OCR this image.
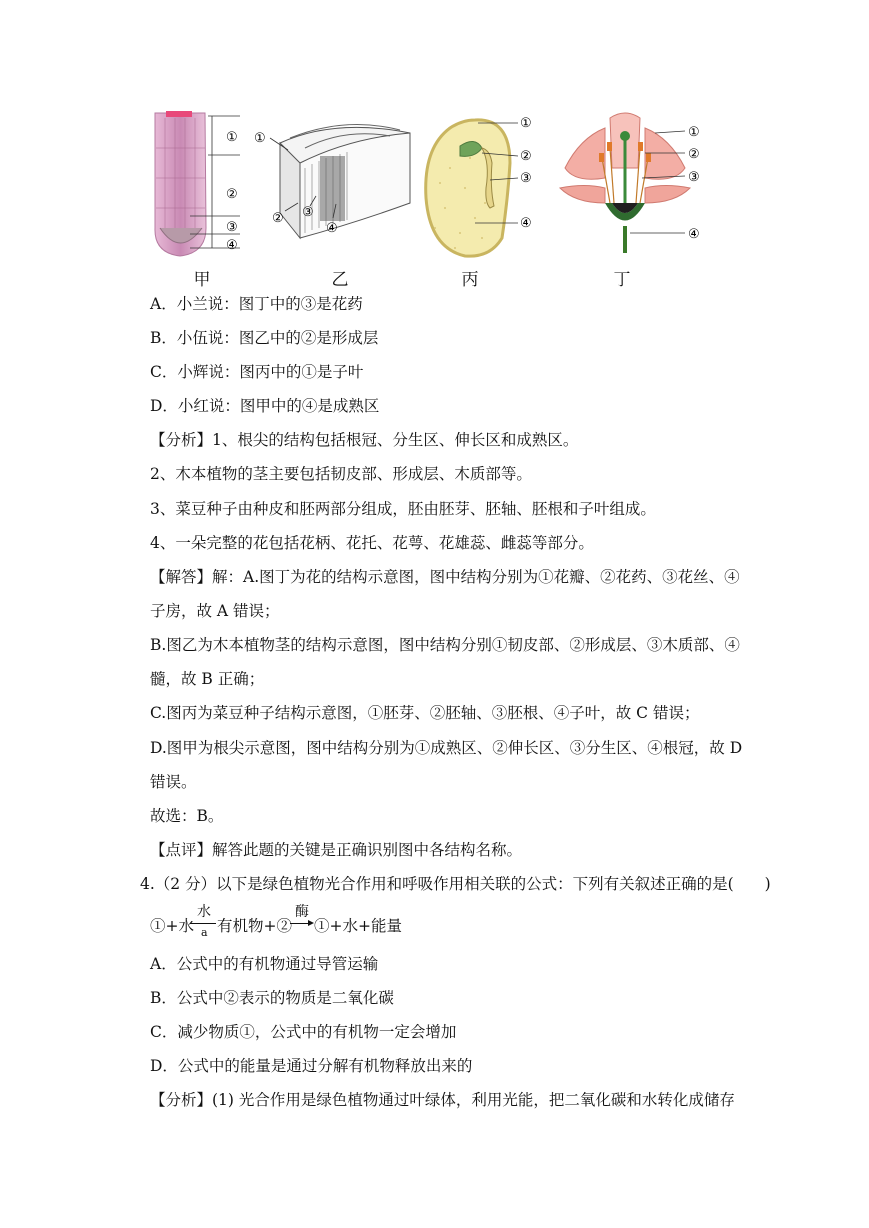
①
②
③
④
甲
①
② ③
④
乙
①
②
③
④
丙
①
②
③
④
丁
A．小兰说：图丁中的③是花药
B．小伍说：图乙中的②是形成层
C．小辉说：图丙中的①是子叶
D．小红说：图甲中的④是成熟区
【分析】1、根尖的结构包括根冠、分生区、伸长区和成熟区。
2、木本植物的茎主要包括韧皮部、形成层、木质部等。
3、菜豆种子由种皮和胚两部分组成，胚由胚芽、胚轴、胚根和子叶组成。
4、一朵完整的花包括花柄、花托、花萼、花雄蕊、雌蕊等部分。
【解答】解：A.图丁为花的结构示意图，图中结构分别为①花瓣、②花药、③花丝、④
子房，故 A 错误；
B.图乙为木本植物茎的结构示意图，图中结构分别①韧皮部、②形成层、③木质部、④
髓，故 B 正确；
C.图丙为菜豆种子结构示意图，①胚芽、②胚轴、③胚根、④子叶，故 C 错误；
D.图甲为根尖示意图，图中结构分别为①成熟区、②伸长区、③分生区、④根冠，故 D
错误。
故选：B。
【点评】解答此题的关键是正确识别图中各结构名称。
4.（2 分）以下是绿色植物光合作用和呼吸作用相关联的公式：下列有关叙述正确的是(　　)
①+水
水
a 有机物+②
酶
①+水+能量
A．公式中的有机物通过导管运输
B．公式中②表示的物质是二氧化碳
C．减少物质①，公式中的有机物一定会增加
D．公式中的能量是通过分解有机物释放出来的
【分析】(1) 光合作用是绿色植物通过叶绿体，利用光能，把二氧化碳和水转化成储存
